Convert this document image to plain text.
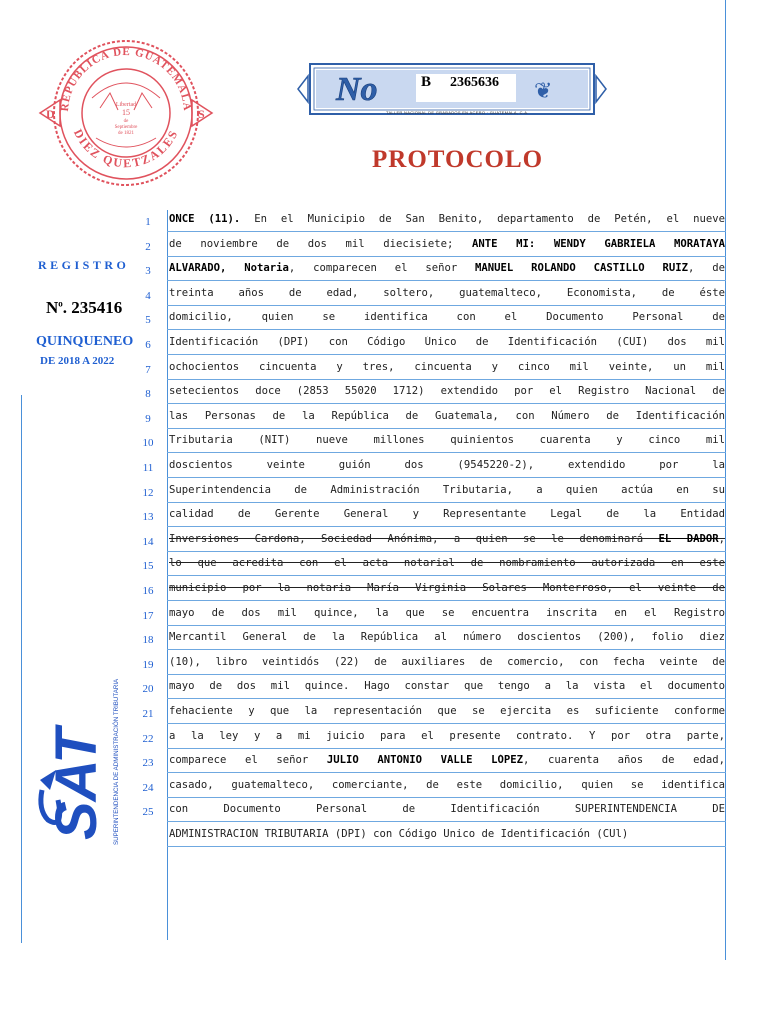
REPUBLICA DE GUATEMALA
DIEZ QUETZALES
D	S
Libertad
15
de
Septiembre
de 1821
No	❦
B 2365636
TALLER NACIONAL DE GRABADOS EN ACERO · GUATEMALA, C.A.
PROTOCOLO
REGISTRO
$N^o$. 235416
QUINQUENEO
DE 2018 A 2022
SAT SUPERINTENDENCIA DE ADMINISTRACIÓN TRIBUTARIA
1	ONCE (11). En el Municipio de San Benito, departamento de Petén, el nueve
2	de noviembre de dos mil diecisiete; ANTE MI: WENDY GABRIELA MORATAYA
3	ALVARADO, Notaria, comparecen el señor MANUEL ROLANDO CASTILLO RUIZ, de
4	treinta años de edad, soltero, guatemalteco, Economista, de éste
5	domicilio, quien se identifica con el Documento Personal de
6	Identificación (DPI) con Código Único de Identificación (CUI) dos mil
7	ochocientos cincuenta y tres, cincuenta y cinco mil veinte, un mil
8	setecientos doce (2853 55020 1712) extendido por el Registro Nacional de
9	las Personas de la República de Guatemala, con Número de Identificación
10	Tributaria (NIT) nueve millones quinientos cuarenta y cinco mil
11	doscientos veinte guión dos (9545220-2), extendido por la
12	Superintendencia de Administración Tributaria, a quien actúa en su
13	calidad de Gerente General y Representante Legal de la Entidad
14	Inversiones Cardona, Sociedad Anónima, a quien se le denominará EL DADOR,
15	lo que acredita con el acta notarial de nombramiento autorizada en este
16	municipio por la notaria María Virginia Solares Monterroso, el veinte de
17	mayo de dos mil quince, la que se encuentra inscrita en el Registro
18	Mercantil General de la República al número doscientos (200), folio diez
19	(10), libro veintidós (22) de auxiliares de comercio, con fecha veinte de
20	mayo de dos mil quince. Hago constar que tengo a la vista el documento
21	fehaciente y que la representación que se ejercita es suficiente conforme
22	a la ley y a mi juicio para el presente contrato. Y por otra parte,
23	comparece el señor JULIO ANTONIO VALLE LÓPEZ, cuarenta años de edad,
24	casado, guatemalteco, comerciante, de este domicilio, quien se identifica
25	con Documento Personal de Identificación SUPERINTENDENCIA DE
ADMINISTRACION TRIBUTARIA (DPI) con Código Unico de Identificación (CUl)
